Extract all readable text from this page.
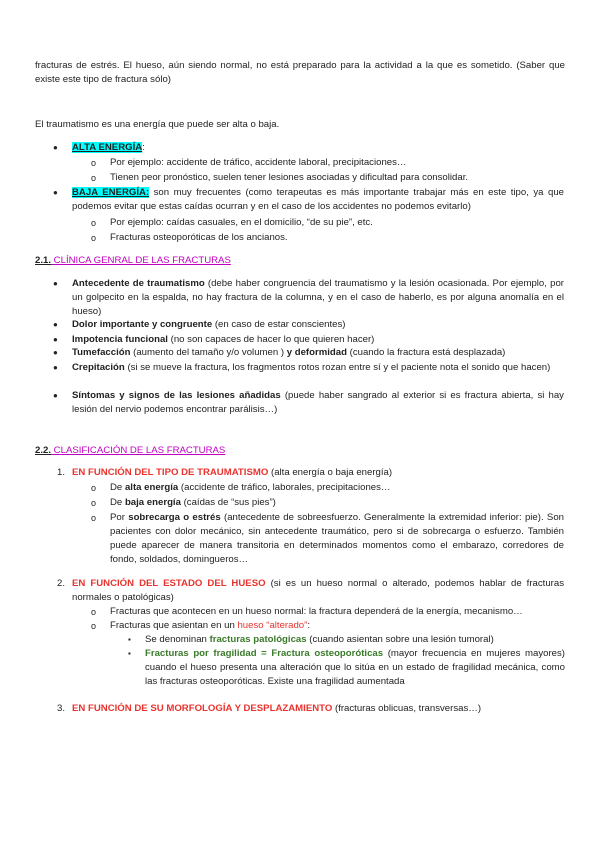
fracturas de estrés. El hueso, aún siendo normal, no está preparado para la actividad a la que es sometido. (Saber que existe este tipo de fractura sólo)
El traumatismo es una energía que puede ser alta o baja.
● ALTA ENERGÍA:
o Por ejemplo: accidente de tráfico, accidente laboral, precipitaciones…
o Tienen peor pronóstico, suelen tener lesiones asociadas y dificultad para consolidar.
● BAJA ENERGÍA: son muy frecuentes (como terapeutas es más importante trabajar más en este tipo, ya que podemos evitar que estas caídas ocurran y en el caso de los accidentes no podemos evitarlo)
o Por ejemplo: caídas casuales, en el domicilio, “de su pie”, etc.
o Fracturas osteoporóticas de los ancianos.
2.1. CLÍNICA GENRAL DE LAS FRACTURAS
● Antecedente de traumatismo (debe haber congruencia del traumatismo y la lesión ocasionada. Por ejemplo, por un golpecito en la espalda, no hay fractura de la columna, y en el caso de haberlo, es por alguna anomalía en el hueso)
● Dolor importante y congruente (en caso de estar conscientes)
● Impotencia funcional (no son capaces de hacer lo que quieren hacer)
● Tumefacción (aumento del tamaño y/o volumen ) y deformidad (cuando la fractura está desplazada)
● Crepitación (si se mueve la fractura, los fragmentos rotos rozan entre sí y el paciente nota el sonido que hacen)
● Síntomas y signos de las lesiones añadidas (puede haber sangrado al exterior si es fractura abierta, si hay lesión del nervio podemos encontrar parálisis…)
2.2. CLASIFICACIÓN DE LAS FRACTURAS
1. EN FUNCIÓN DEL TIPO DE TRAUMATISMO (alta energía o baja energía)
o De alta energía (accidente de tráfico, laborales, precipitaciones…
o De baja energía (caídas de “sus pies”)
o Por sobrecarga o estrés (antecedente de sobreesfuerzo. Generalmente la extremidad inferior: pie). Son pacientes con dolor mecánico, sin antecedente traumático, pero si de sobrecarga o esfuerzo. También puede aparecer de manera transitoria en determinados momentos como el embarazo, corredores de fondo, soldados, domingueros…
2. EN FUNCIÓN DEL ESTADO DEL HUESO (si es un hueso normal o alterado, podemos hablar de fracturas normales o patológicas)
o Fracturas que acontecen en un hueso normal: la fractura dependerá de la energía, mecanismo…
o Fracturas que asientan en un hueso “alterado”:
▪ Se denominan fracturas patológicas (cuando asientan sobre una lesión tumoral)
▪ Fracturas por fragilidad = Fractura osteoporóticas (mayor frecuencia en mujeres mayores) cuando el hueso presenta una alteración que lo sitúa en un estado de fragilidad mecánica, como las fracturas osteoporóticas. Existe una fragilidad aumentada
3. EN FUNCIÓN DE SU MORFOLOGÍA Y DESPLAZAMIENTO (fracturas oblicuas, transversas…)
